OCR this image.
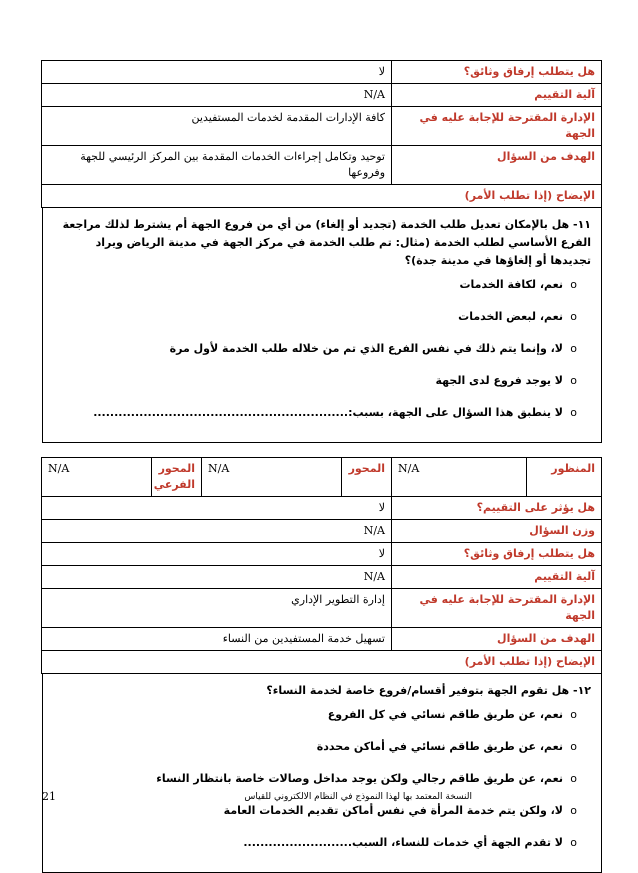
هل يتطلب إرفاق وثائق؟	لا
آلية التقييم	N/A
الإدارة المقترحة للإجابة عليه في الجهة	كافة الإدارات المقدمة لخدمات المستفيدين
الهدف من السؤال	توحيد وتكامل إجراءات الخدمات المقدمة بين المركز الرئيسي للجهة وفروعها
الإيضاح (إذا تطلب الأمر)	
١١- هل بالإمكان تعديل طلب الخدمة (تجديد أو إلغاء) من أي من فروع الجهة أم يشترط لذلك مراجعة الفرع الأساسي لطلب الخدمة (مثال: تم طلب الخدمة في مركز الجهة في مدينة الرياض ويراد تجديدها أو إلغاؤها في مدينة جدة)؟
oنعم، لكافة الخدمات
oنعم، لبعض الخدمات
oلا، وإنما يتم ذلك في نفس الفرع الذي تم من خلاله طلب الخدمة لأول مرة
oلا يوجد فروع لدى الجهة
oلا ينطبق هذا السؤال على الجهة، بسبب:.............................................................
المنظور	N/A	المحور	N/A	المحور الفرعي	N/A
هل يؤثر على التقييم؟		لا			
وزن السؤال		N/A			
هل يتطلب إرفاق وثائق؟		لا			
آلية التقييم		N/A			
الإدارة المقترحة للإجابة عليه في الجهة		إدارة التطوير الإداري			
الهدف من السؤال		تسهيل خدمة المستفيدين من النساء			
الإيضاح (إذا تطلب الأمر)					
١٢- هل تقوم الجهة بتوفير أقسام/فروع خاصة لخدمة النساء؟
oنعم، عن طريق طاقم نسائي في كل الفروع
oنعم، عن طريق طاقم نسائي في أماكن محددة
oنعم، عن طريق طاقم رجالي ولكن يوجد مداخل وصالات خاصة بانتظار النساء
oلا، ولكن يتم خدمة المرأة في نفس أماكن تقديم الخدمات العامة
oلا تقدم الجهة أي خدمات للنساء، السبب..........................
21	النسخة المعتمد بها لهذا النموذج في النظام الالكتروني للقياس
